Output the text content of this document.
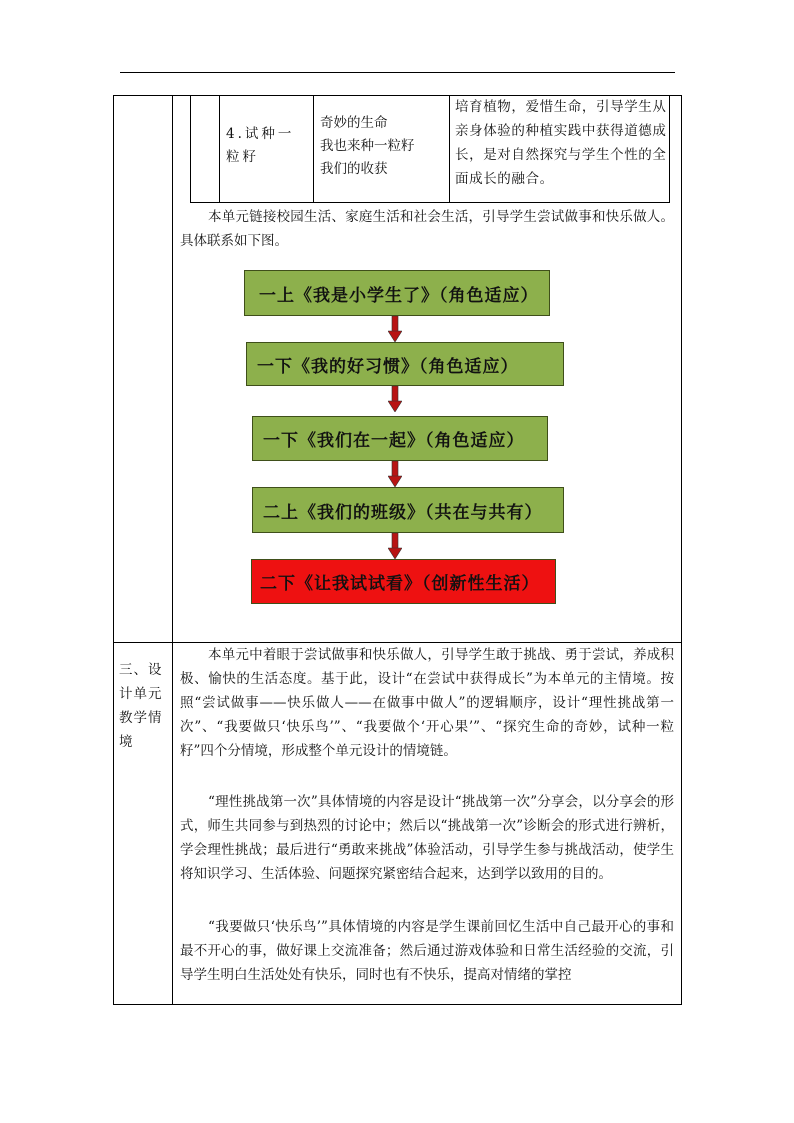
4.试种一粒籽
奇妙的生命
我也来种一粒籽
我们的收获
培育植物，爱惜生命，引导学生从亲身体验的种植实践中获得道德成长，是对自然探究与学生个性的全面成长的融合。
本单元链接校园生活、家庭生活和社会生活，引导学生尝试做事和快乐做人。具体联系如下图。
一上《我是小学生了》（角色适应）
一下《我的好习惯》（角色适应）
一下《我们在一起》（角色适应）
二上《我们的班级》（共在与共有）
二下《让我试试看》（创新性生活）
三、设计单元教学情境
本单元中着眼于尝试做事和快乐做人，引导学生敢于挑战、勇于尝试，养成积极、愉快的生活态度。基于此，设计“在尝试中获得成长”为本单元的主情境。按照“尝试做事——快乐做人——在做事中做人”的逻辑顺序，设计“理性挑战第一次”、“我要做只‘快乐鸟’”、“我要做个‘开心果’”、“探究生命的奇妙，试种一粒籽”四个分情境，形成整个单元设计的情境链。
“理性挑战第一次”具体情境的内容是设计“挑战第一次”分享会，以分享会的形式，师生共同参与到热烈的讨论中；然后以“挑战第一次”诊断会的形式进行辨析，学会理性挑战；最后进行“勇敢来挑战”体验活动，引导学生参与挑战活动，使学生将知识学习、生活体验、问题探究紧密结合起来，达到学以致用的目的。
“我要做只‘快乐鸟’”具体情境的内容是学生课前回忆生活中自己最开心的事和最不开心的事，做好课上交流准备；然后通过游戏体验和日常生活经验的交流，引导学生明白生活处处有快乐，同时也有不快乐，提高对情绪的掌控
